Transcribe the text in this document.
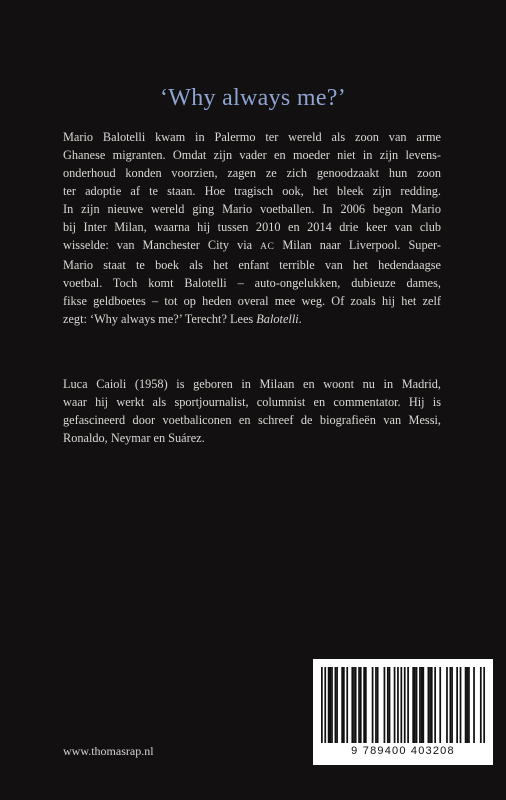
‘Why always me?’
Mario Balotelli kwam in Palermo ter wereld als zoon van arme
Ghanese migranten. Omdat zijn vader en moeder niet in zijn levens-
onderhoud konden voorzien, zagen ze zich genoodzaakt hun zoon
ter adoptie af te staan. Hoe tragisch ook, het bleek zijn redding.
In zijn nieuwe wereld ging Mario voetballen. In 2006 begon Mario
bij Inter Milan, waarna hij tussen 2010 en 2014 drie keer van club
wisselde: van Manchester City via AC Milan naar Liverpool. Super-
Mario staat te boek als het enfant terrible van het hedendaagse
voetbal. Toch komt Balotelli – auto-ongelukken, dubieuze dames,
fikse geldboetes – tot op heden overal mee weg. Of zoals hij het zelf
zegt: ‘Why always me?’ Terecht? Lees Balotelli.
Luca Caioli (1958) is geboren in Milaan en woont nu in Madrid,
waar hij werkt als sportjournalist, columnist en commentator. Hij is
gefascineerd door voetbaliconen en schreef de biografieën van Messi,
Ronaldo, Neymar en Suárez.
9 789400 403208
www.thomasrap.nl
